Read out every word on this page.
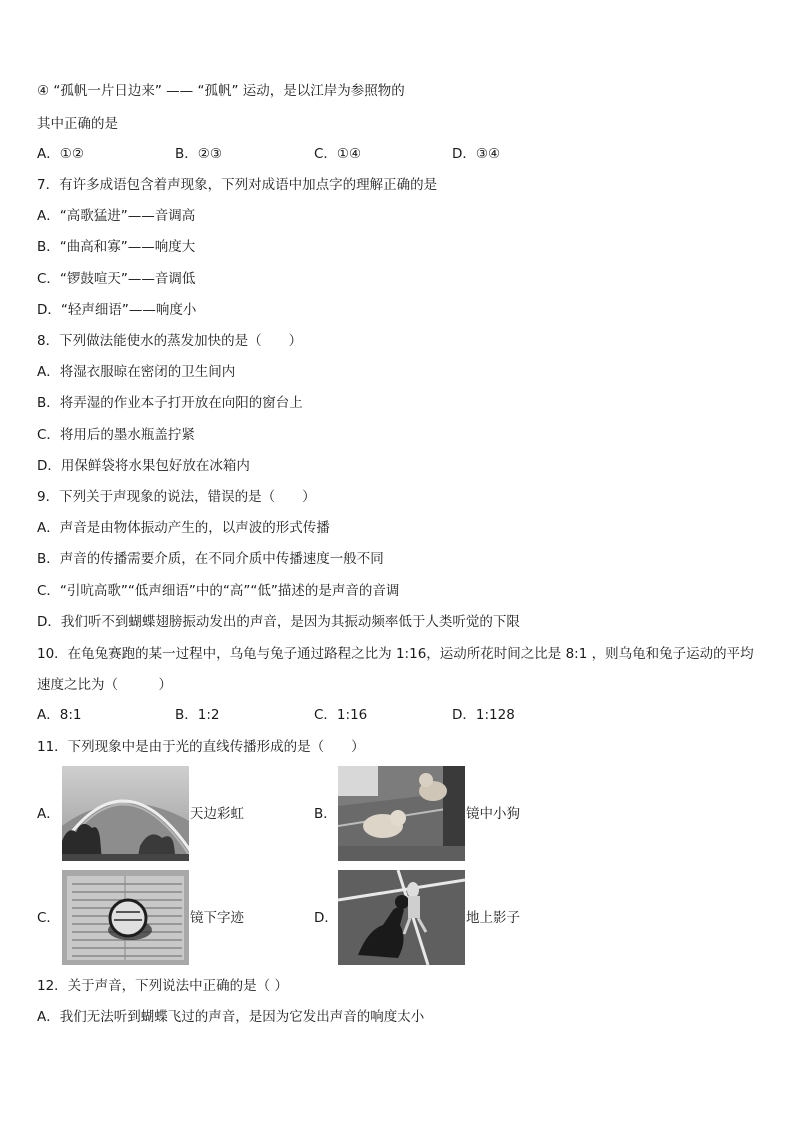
④ “孤帆一片日边来” —— “孤帆” 运动，是以江岸为参照物的
其中正确的是
A．①②	B．②③	C．①④	D．③④
7．有许多成语包含着声现象，下列对成语中加点字的理解正确的是
A．“高歌猛进”——音调高
B．“曲高和寡”——响度大
C．“锣鼓喧天”——音调低
D．“轻声细语”——响度小
8．下列做法能使水的蒸发加快的是（　　）
A．将湿衣服晾在密闭的卫生间内
B．将弄湿的作业本子打开放在向阳的窗台上
C．将用后的墨水瓶盖拧紧
D．用保鲜袋将水果包好放在冰箱内
9．下列关于声现象的说法，错误的是（　　）
A．声音是由物体振动产生的，以声波的形式传播
B．声音的传播需要介质，在不同介质中传播速度一般不同
C．“引吭高歌”“低声细语”中的“高”“低”描述的是声音的音调
D．我们听不到蝴蝶翅膀振动发出的声音，是因为其振动频率低于人类听觉的下限
10．在龟兔赛跑的某一过程中，乌龟与兔子通过路程之比为 1:16，运动所花时间之比是 8:1 ，则乌龟和兔子运动的平均
速度之比为（　　　）
A．8:1	B．1:2	C．1:16	D．1:128
11．下列现象中是由于光的直线传播形成的是（　　）
A．	天边彩虹	B．	镜中小狗
C．	镜下字迹	D．	地上影子
12．关于声音，下列说法中正确的是（ ）
A．我们无法听到蝴蝶飞过的声音，是因为它发出声音的响度太小
